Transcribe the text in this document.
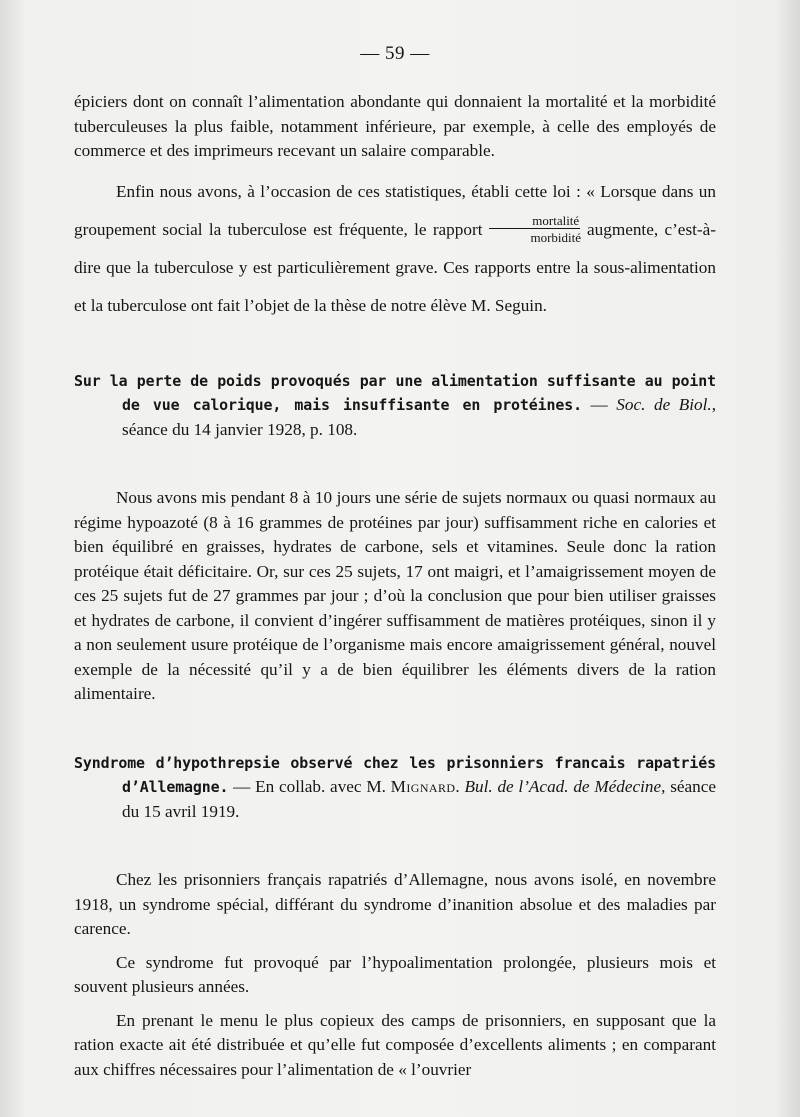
— 59 —

épiciers dont on connaît l’alimentation abondante qui donnaient la mortalité et la morbidité tuberculeuses la plus faible, notamment inférieure, par exemple, à celle des employés de commerce et des imprimeurs recevant un salaire comparable.

Enfin nous avons, à l’occasion de ces statistiques, établi cette loi : « Lorsque dans un groupement social la tuberculose est fréquente, le rapport $\frac{\text{mortalité}}{\text{morbidité}}$ augmente, c’est-à-dire que la tuberculose y est particulièrement grave. Ces rapports entre la sous-alimentation et la tuberculose ont fait l’objet de la thèse de notre élève M. Seguin.

Sur la perte de poids provoqués par une alimentation suffisante au point de vue calorique, mais insuffisante en protéines. — Soc. de Biol., séance du 14 janvier 1928, p. 108.

Nous avons mis pendant 8 à 10 jours une série de sujets normaux ou quasi normaux au régime hypoazoté (8 à 16 grammes de protéines par jour) suffisamment riche en calories et bien équilibré en graisses, hydrates de carbone, sels et vitamines. Seule donc la ration protéique était déficitaire. Or, sur ces 25 sujets, 17 ont maigri, et l’amaigrissement moyen de ces 25 sujets fut de 27 grammes par jour ; d’où la conclusion que pour bien utiliser graisses et hydrates de carbone, il convient d’ingérer suffisamment de matières protéiques, sinon il y a non seulement usure protéique de l’organisme mais encore amaigrissement général, nouvel exemple de la nécessité qu’il y a de bien équilibrer les éléments divers de la ration alimentaire.

Syndrome d’hypothrepsie observé chez les prisonniers francais rapatriés d’Allemagne. — En collab. avec M. Mignard. Bul. de l’Acad. de Médecine, séance du 15 avril 1919.

Chez les prisonniers français rapatriés d’Allemagne, nous avons isolé, en novembre 1918, un syndrome spécial, différant du syndrome d’inanition absolue et des maladies par carence.

Ce syndrome fut provoqué par l’hypoalimentation prolongée, plusieurs mois et souvent plusieurs années.

En prenant le menu le plus copieux des camps de prisonniers, en supposant que la ration exacte ait été distribuée et qu’elle fut composée d’excellents aliments ; en comparant aux chiffres nécessaires pour l’alimentation de « l’ouvrier
